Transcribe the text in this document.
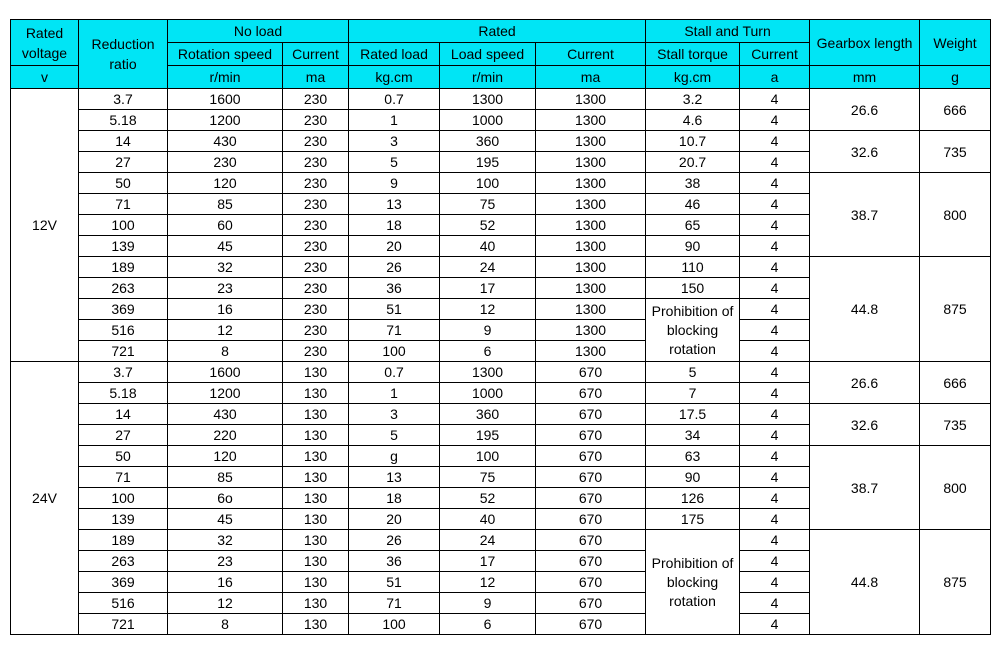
Rated voltage	Reduction ratio	No load		Rated			Stall and Turn		Gearbox length	Weight
		Rotation speed	Current	Rated load	Load speed	Current	Stall torque	Current		
v		r/min	ma	kg.cm	r/min	ma	kg.cm	a	mm	g
12V	3.7	1600	230	0.7	1300	1300	3.2	4	26.6	666
	5.18	1200	230	1	1000	1300	4.6	4		
	14	430	230	3	360	1300	10.7	4	32.6	735
	27	230	230	5	195	1300	20.7	4		
	50	120	230	9	100	1300	38	4	38.7	800
	71	85	230	13	75	1300	46	4		
	100	60	230	18	52	1300	65	4		
	139	45	230	20	40	1300	90	4		
	189	32	230	26	24	1300	110	4	44.8	875
	263	23	230	36	17	1300	150	4		
	369	16	230	51	12	1300	Prohibition of blocking rotation	4		
	516	12	230	71	9	1300		4		
	721	8	230	100	6	1300		4		
24V	3.7	1600	130	0.7	1300	670	5	4	26.6	666
	5.18	1200	130	1	1000	670	7	4		
	14	430	130	3	360	670	17.5	4	32.6	735
	27	220	130	5	195	670	34	4		
	50	120	130	g	100	670	63	4	38.7	800
	71	85	130	13	75	670	90	4		
	100	6o	130	18	52	670	126	4		
	139	45	130	20	40	670	175	4		
	189	32	130	26	24	670	Prohibition of blocking rotation	4	44.8	875
	263	23	130	36	17	670		4		
	369	16	130	51	12	670		4		
	516	12	130	71	9	670		4		
	721	8	130	100	6	670		4		
